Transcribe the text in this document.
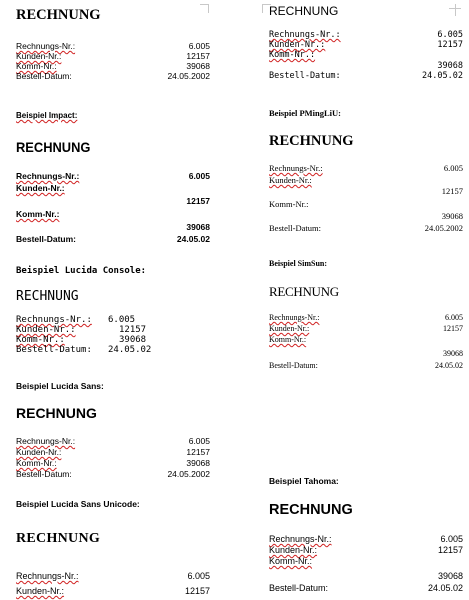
RECHNUNG
Rechnungs-Nr.:	6.005
Kunden-Nr.:	12157
Komm-Nr.:	39068
Bestell-Datum:	24.05.2002
Beispiel Impact:
RECHNUNG
Rechnungs-Nr.:	6.005
Kunden-Nr.:
12157
Komm-Nr.:
39068
Bestell-Datum:	24.05.02
Beispiel Lucida Console:
RECHNUNG
Rechnungs-Nr.: 6.005
Kunden-Nr.:	12157
Komm-Nr.:	39068
Bestell-Datum: 24.05.02
Beispiel Lucida Sans:
RECHNUNG
Rechnungs-Nr.:	6.005
Kunden-Nr.:	12157
Komm-Nr.:	39068
Bestell-Datum:	24.05.2002
Beispiel Lucida Sans Unicode:
RECHNUNG
Rechnungs-Nr.:	6.005
Kunden-Nr.:	12157
RECHNUNG
Rechnungs-Nr.:	6.005
Kunden-Nr.:	12157
Komm-Nr.:
39068
Bestell-Datum:	24.05.02
Beispiel PMingLiU:
RECHNUNG
Rechnungs-Nr.:	6.005
Kunden-Nr.:
12157
Komm-Nr.:
39068
Bestell-Datum:	24.05.2002
Beispiel SimSun:
RECHNUNG
Rechnungs-Nr.:	6.005
Kunden-Nr.:	12157
Komm-Nr.:
39068
Bestell-Datum:	24.05.02
Beispiel Tahoma:
RECHNUNG
Rechnungs-Nr.:	6.005
Kunden-Nr.:	12157
Komm-Nr.:
39068
Bestell-Datum:	24.05.02
